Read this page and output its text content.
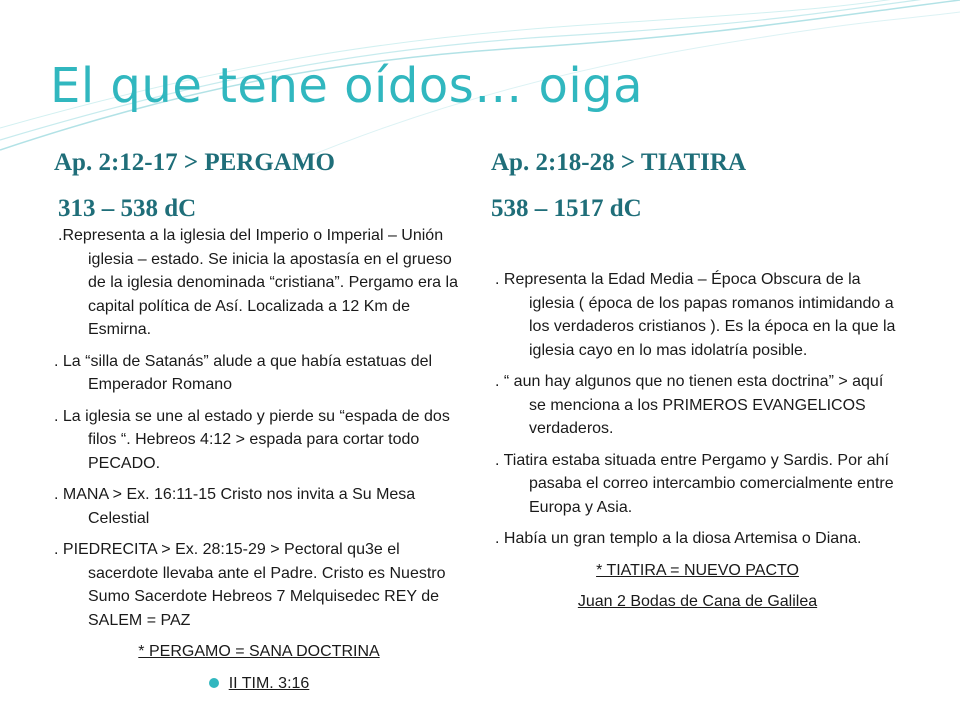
El que tene oídos… oiga
Ap. 2:12-17 > PERGAMO
313 – 538 dC
Ap. 2:18-28 > TIATIRA
538 – 1517 dC

.Representa a la iglesia del Imperio o Imperial – Unión iglesia – estado. Se inicia la apostasía en el grueso de la iglesia denominada “cristiana”. Pergamo era la capital política de Así. Localizada a 12 Km de Esmirna.

. La “silla de Satanás” alude a que había estatuas del Emperador Romano

. La iglesia se une al estado y pierde su “espada de dos filos “. Hebreos 4:12 > espada para cortar todo PECADO.

. MANA > Ex. 16:11-15 Cristo nos invita a Su Mesa Celestial

. PIEDRECITA > Ex. 28:15-29 > Pectoral qu3e el sacerdote llevaba ante el Padre. Cristo es Nuestro Sumo Sacerdote Hebreos 7 Melquisedec REY de SALEM = PAZ

* PERGAMO = SANA DOCTRINA

II TIM. 3:16

. Representa la Edad Media – Época Obscura de la iglesia ( época de los papas romanos intimidando a los verdaderos cristianos ). Es la época en la que la iglesia cayo en lo mas idolatría posible.

. “ aun hay algunos que no tienen esta doctrina” > aquí se menciona a los PRIMEROS EVANGELICOS verdaderos.

. Tiatira estaba situada entre Pergamo y Sardis. Por ahí pasaba el correo intercambio comercialmente entre Europa y Asia.

. Había un gran templo a la diosa Artemisa o Diana.

* TIATIRA = NUEVO PACTO

Juan 2 Bodas de Cana de Galilea
